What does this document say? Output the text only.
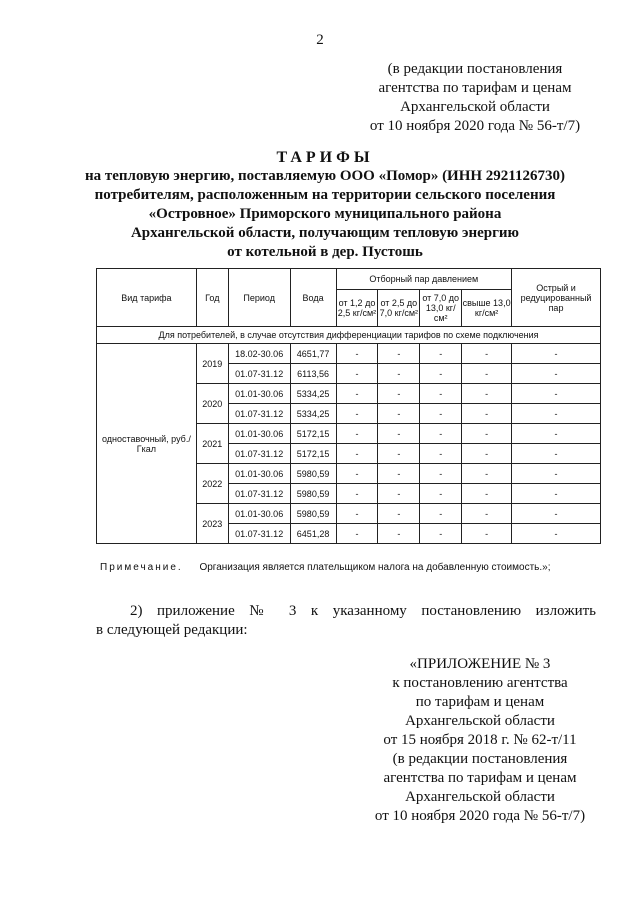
2
(в редакции постановления
агентства по тарифам и ценам
Архангельской области
от 10 ноября 2020 года № 56-т/7)
ТАРИФЫ
на тепловую энергию, поставляемую ООО «Помор» (ИНН 2921126730)
потребителям, расположенным на территории сельского поселения
«Островное» Приморского муниципального района
Архангельской области, получающим тепловую энергию
от котельной в дер. Пустошь
Вид тарифа	Год	Период	Вода	Отборный пар давлением				Острый и редуцированный пар
				от 1,2 до 2,5 кг/см²	от 2,5 до 7,0 кг/см²	от 7,0 до 13,0 кг/см²	свыше 13,0 кг/см²	
Для потребителей, в случае отсутствия дифференциации тарифов по схеме подключения								
одноставочный, руб./Гкал	2019	18.02-30.06	4651,77	-	-	-	-	-
		01.07-31.12	6113,56	-	-	-	-	-
	2020	01.01-30.06	5334,25	-	-	-	-	-
		01.07-31.12	5334,25	-	-	-	-	-
	2021	01.01-30.06	5172,15	-	-	-	-	-
		01.07-31.12	5172,15	-	-	-	-	-
	2022	01.01-30.06	5980,59	-	-	-	-	-
		01.07-31.12	5980,59	-	-	-	-	-
	2023	01.01-30.06	5980,59	-	-	-	-	-
		01.07-31.12	6451,28	-	-	-	-	-
Примечание. Организация является плательщиком налога на добавленную стоимость.»;
2) приложение № 3 к указанному постановлению изложить
в следующей редакции:
«ПРИЛОЖЕНИЕ № 3
к постановлению агентства
по тарифам и ценам
Архангельской области
от 15 ноября 2018 г. № 62-т/11
(в редакции постановления
агентства по тарифам и ценам
Архангельской области
от 10 ноября 2020 года № 56-т/7)
